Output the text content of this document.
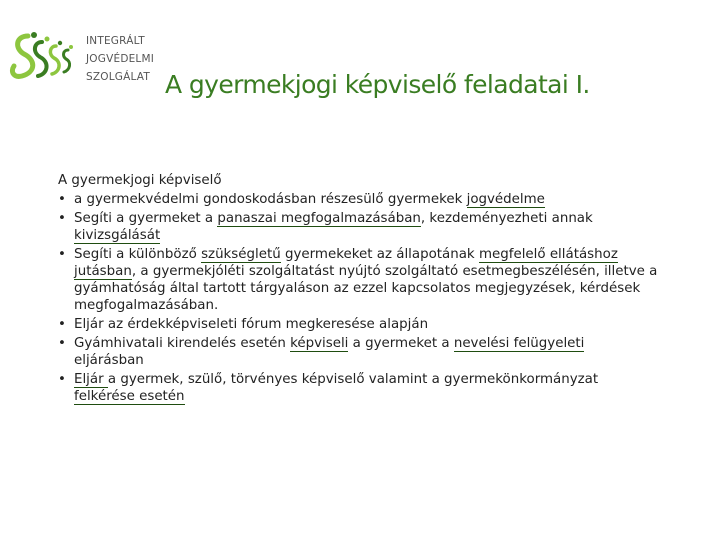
INTEGRÁLT
JOGVÉDELMI
SZOLGÁLAT A gyermekjogi képviselő feladatai I.

A gyermekjogi képviselő

• a gyermekvédelmi gondoskodásban részesülő gyermekek jogvédelme
• Segíti a gyermeket a panaszai megfogalmazásában, kezdeményezheti annak kivizsgálását
• Segíti a különböző szükségletű gyermekeket az állapotának megfelelő ellátáshoz jutásban, a gyermekjóléti szolgáltatást nyújtó szolgáltató esetmegbeszélésén, illetve a gyámhatóság által tartott tárgyaláson az ezzel kapcsolatos megjegyzések, kérdések megfogalmazásában.
• Eljár az érdekképviseleti fórum megkeresése alapján
• Gyámhivatali kirendelés esetén képviseli a gyermeket a nevelési felügyeleti eljárásban
• Eljár a gyermek, szülő, törvényes képviselő valamint a gyermekönkormányzat felkérése esetén
